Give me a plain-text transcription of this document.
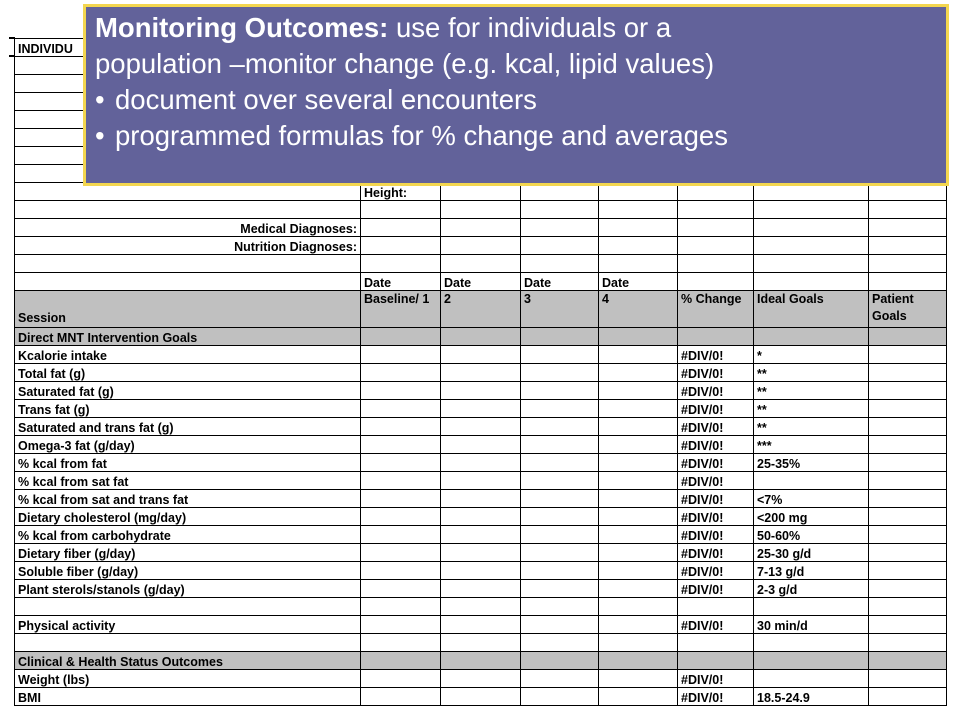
INDIVIDU							

	Height:						

Medical Diagnoses:							
Nutrition Diagnoses:							

	Date	Date	Date	Date			
Session	Baseline/ 1	2	3	4	% Change	Ideal Goals	Patient Goals
Direct MNT Intervention Goals							
Kcalorie intake					#DIV/0!	*	
Total fat (g)					#DIV/0!	**	
Saturated fat (g)					#DIV/0!	**	
Trans fat (g)					#DIV/0!	**	
Saturated and trans fat (g)					#DIV/0!	**	
Omega-3 fat (g/day)					#DIV/0!	***	
% kcal from fat					#DIV/0!	25-35%	
% kcal from sat fat					#DIV/0!		
% kcal from sat and trans fat					#DIV/0!	<7%	
Dietary cholesterol (mg/day)					#DIV/0!	<200 mg	
% kcal from carbohydrate					#DIV/0!	50-60%	
Dietary fiber (g/day)					#DIV/0!	25-30 g/d	
Soluble fiber (g/day)					#DIV/0!	7-13 g/d	
Plant sterols/stanols (g/day)					#DIV/0!	2-3 g/d	

Physical activity					#DIV/0!	30 min/d	

Clinical & Health Status Outcomes							
Weight (lbs)					#DIV/0!		
BMI					#DIV/0!	18.5-24.9	
Monitoring Outcomes: use for individuals or a
population –monitor change (e.g. kcal, lipid values)
• document over several encounters
• programmed formulas for % change and averages
